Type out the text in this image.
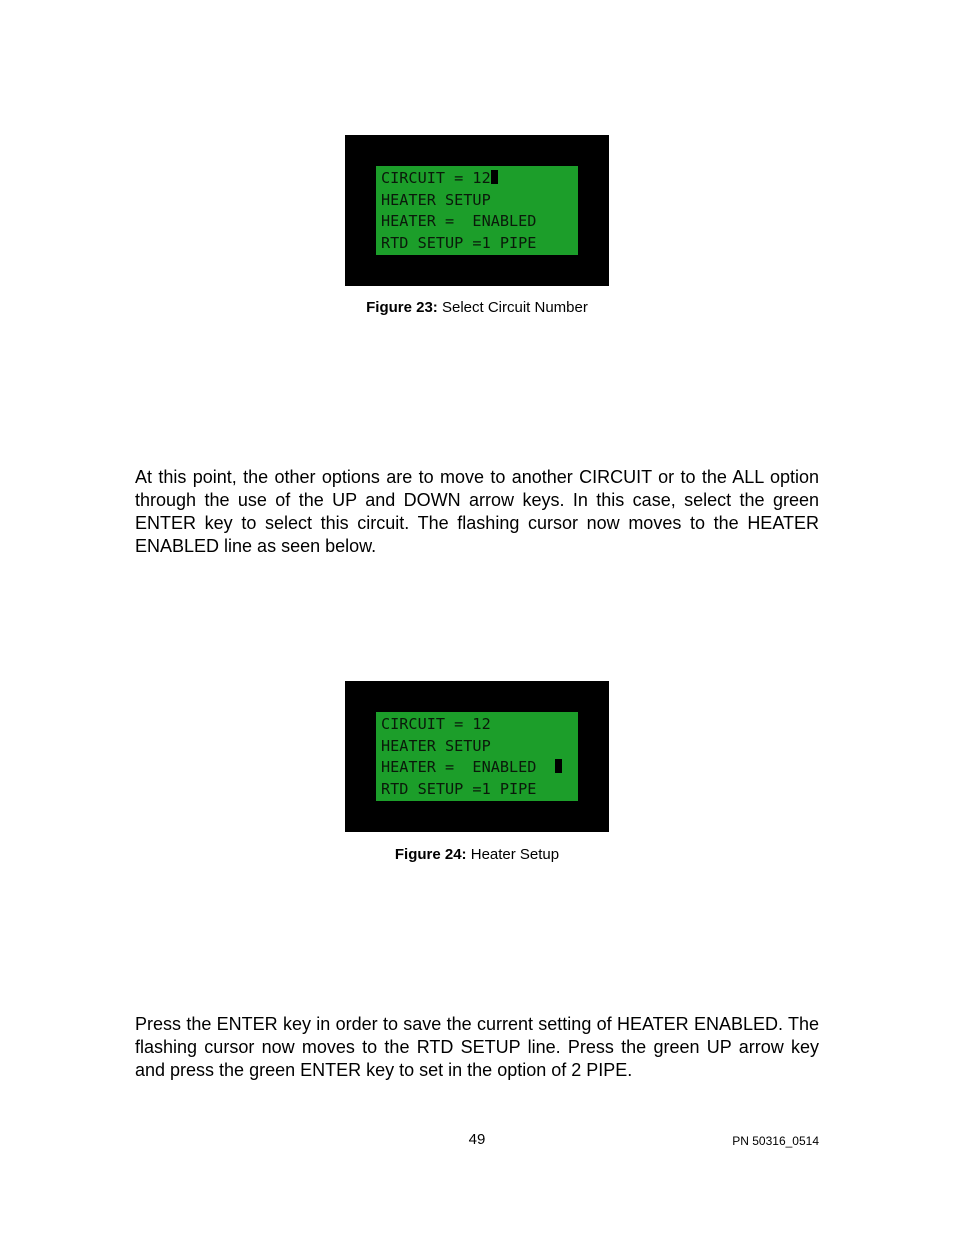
CIRCUIT = 12
HEATER SETUP
HEATER =  ENABLED
RTD SETUP =1 PIPE
Figure 23: Select Circuit Number

At this point, the other options are to move to another CIRCUIT or to the ALL option through the use of the UP and DOWN arrow keys. In this case, select the green ENTER key to select this circuit. The flashing cursor now moves to the HEATER ENABLED line as seen below.

CIRCUIT = 12
HEATER SETUP
HEATER =  ENABLED
RTD SETUP =1 PIPE
Figure 24: Heater Setup

Press the ENTER key in order to save the current setting of HEATER ENABLED. The flashing cursor now moves to the RTD SETUP line. Press the green UP arrow key and press the green ENTER key to set in the option of 2 PIPE.

49	PN 50316_0514
